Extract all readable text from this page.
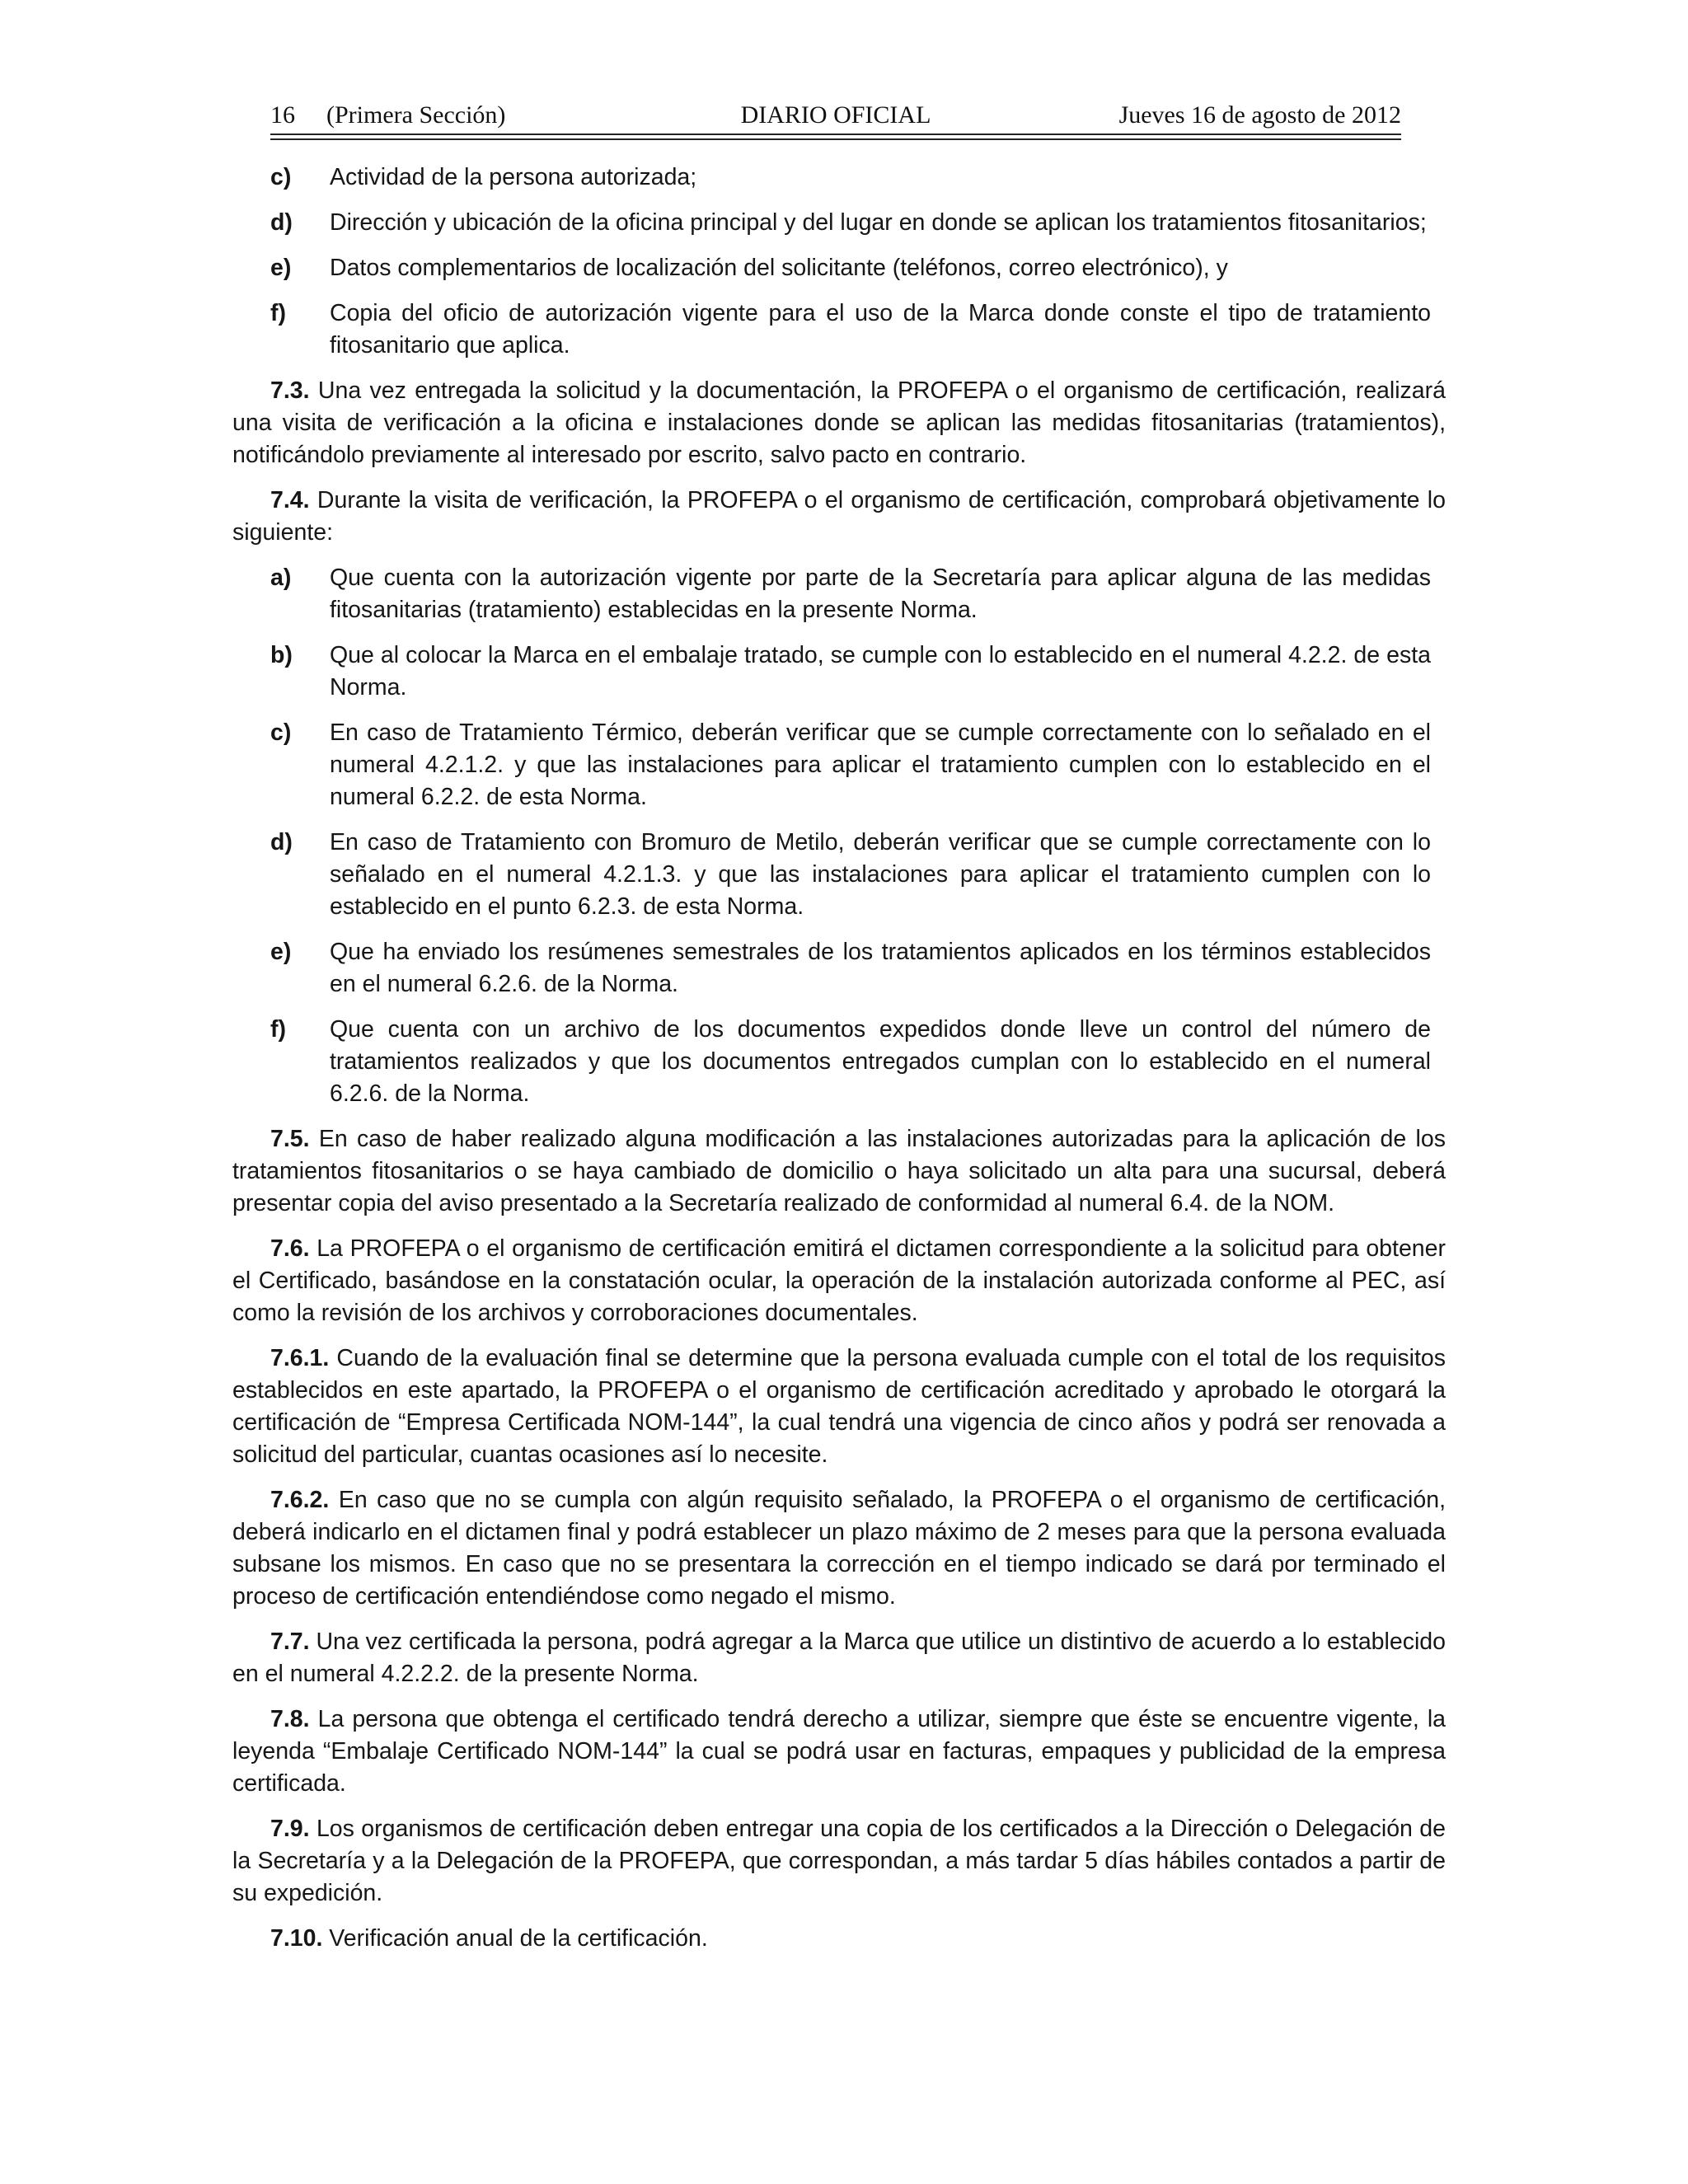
16 (Primera Sección)	DIARIO OFICIAL	Jueves 16 de agosto de 2012
c)	Actividad de la persona autorizada;
d)	Dirección y ubicación de la oficina principal y del lugar en donde se aplican los tratamientos fitosanitarios;
e)	Datos complementarios de localización del solicitante (teléfonos, correo electrónico), y
f)	Copia del oficio de autorización vigente para el uso de la Marca donde conste el tipo de tratamiento fitosanitario que aplica.

7.3. Una vez entregada la solicitud y la documentación, la PROFEPA o el organismo de certificación, realizará una visita de verificación a la oficina e instalaciones donde se aplican las medidas fitosanitarias (tratamientos), notificándolo previamente al interesado por escrito, salvo pacto en contrario.

7.4. Durante la visita de verificación, la PROFEPA o el organismo de certificación, comprobará objetivamente lo siguiente:

a)	Que cuenta con la autorización vigente por parte de la Secretaría para aplicar alguna de las medidas fitosanitarias (tratamiento) establecidas en la presente Norma.
b)	Que al colocar la Marca en el embalaje tratado, se cumple con lo establecido en el numeral 4.2.2. de esta Norma.
c)	En caso de Tratamiento Térmico, deberán verificar que se cumple correctamente con lo señalado en el numeral 4.2.1.2. y que las instalaciones para aplicar el tratamiento cumplen con lo establecido en el numeral 6.2.2. de esta Norma.
d)	En caso de Tratamiento con Bromuro de Metilo, deberán verificar que se cumple correctamente con lo señalado en el numeral 4.2.1.3. y que las instalaciones para aplicar el tratamiento cumplen con lo establecido en el punto 6.2.3. de esta Norma.
e)	Que ha enviado los resúmenes semestrales de los tratamientos aplicados en los términos establecidos en el numeral 6.2.6. de la Norma.
f)	Que cuenta con un archivo de los documentos expedidos donde lleve un control del número de tratamientos realizados y que los documentos entregados cumplan con lo establecido en el numeral 6.2.6. de la Norma.

7.5. En caso de haber realizado alguna modificación a las instalaciones autorizadas para la aplicación de los tratamientos fitosanitarios o se haya cambiado de domicilio o haya solicitado un alta para una sucursal, deberá presentar copia del aviso presentado a la Secretaría realizado de conformidad al numeral 6.4. de la NOM.

7.6. La PROFEPA o el organismo de certificación emitirá el dictamen correspondiente a la solicitud para obtener el Certificado, basándose en la constatación ocular, la operación de la instalación autorizada conforme al PEC, así como la revisión de los archivos y corroboraciones documentales.

7.6.1. Cuando de la evaluación final se determine que la persona evaluada cumple con el total de los requisitos establecidos en este apartado, la PROFEPA o el organismo de certificación acreditado y aprobado le otorgará la certificación de “Empresa Certificada NOM-144”, la cual tendrá una vigencia de cinco años y podrá ser renovada a solicitud del particular, cuantas ocasiones así lo necesite.

7.6.2. En caso que no se cumpla con algún requisito señalado, la PROFEPA o el organismo de certificación, deberá indicarlo en el dictamen final y podrá establecer un plazo máximo de 2 meses para que la persona evaluada subsane los mismos. En caso que no se presentara la corrección en el tiempo indicado se dará por terminado el proceso de certificación entendiéndose como negado el mismo.

7.7. Una vez certificada la persona, podrá agregar a la Marca que utilice un distintivo de acuerdo a lo establecido en el numeral 4.2.2.2. de la presente Norma.

7.8. La persona que obtenga el certificado tendrá derecho a utilizar, siempre que éste se encuentre vigente, la leyenda “Embalaje Certificado NOM-144” la cual se podrá usar en facturas, empaques y publicidad de la empresa certificada.

7.9. Los organismos de certificación deben entregar una copia de los certificados a la Dirección o Delegación de la Secretaría y a la Delegación de la PROFEPA, que correspondan, a más tardar 5 días hábiles contados a partir de su expedición.

7.10. Verificación anual de la certificación.
